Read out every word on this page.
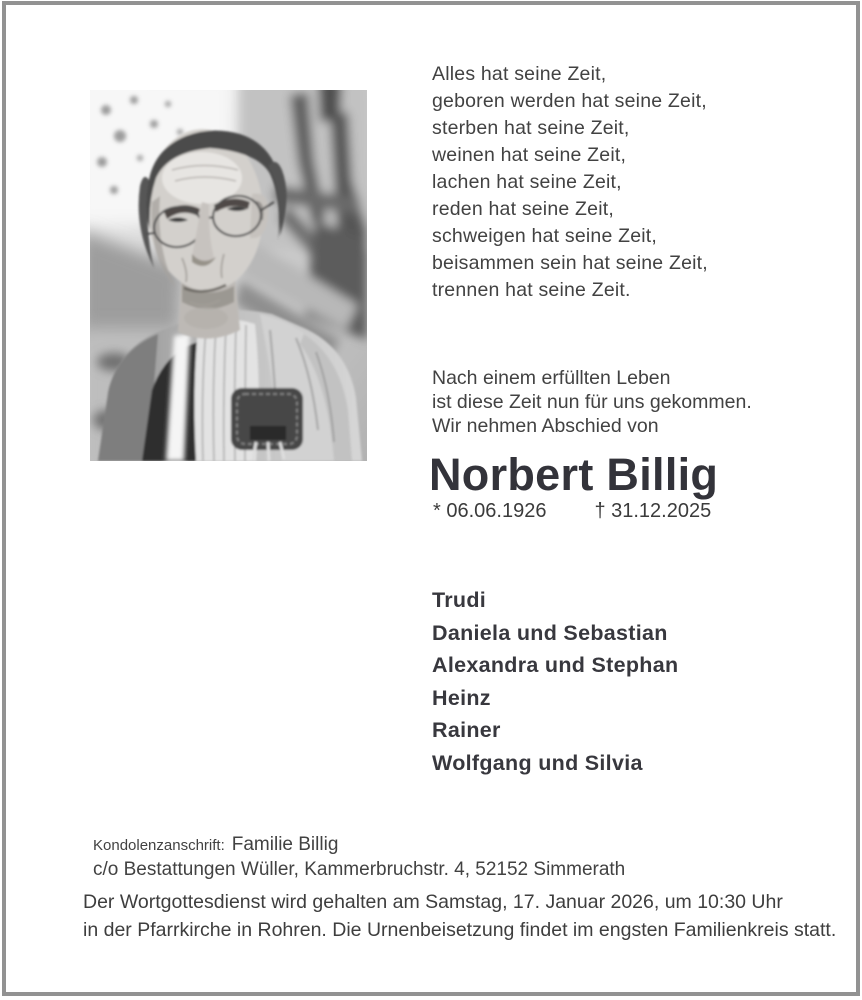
Alles hat seine Zeit,
geboren werden hat seine Zeit,
sterben hat seine Zeit,
weinen hat seine Zeit,
lachen hat seine Zeit,
reden hat seine Zeit,
schweigen hat seine Zeit,
beisammen sein hat seine Zeit,
trennen hat seine Zeit.
Nach einem erfüllten Leben
ist diese Zeit nun für uns gekommen.
Wir nehmen Abschied von
Norbert Billig
* 06.06.1926 † 31.12.2025
Trudi
Daniela und Sebastian
Alexandra und Stephan
Heinz
Rainer
Wolfgang und Silvia
Kondolenzanschrift: Familie Billig
c/o Bestattungen Wüller, Kammerbruchstr. 4, 52152 Simmerath
Der Wortgottesdienst wird gehalten am Samstag, 17. Januar 2026, um 10:30 Uhr
in der Pfarrkirche in Rohren. Die Urnenbeisetzung findet im engsten Familienkreis statt.
